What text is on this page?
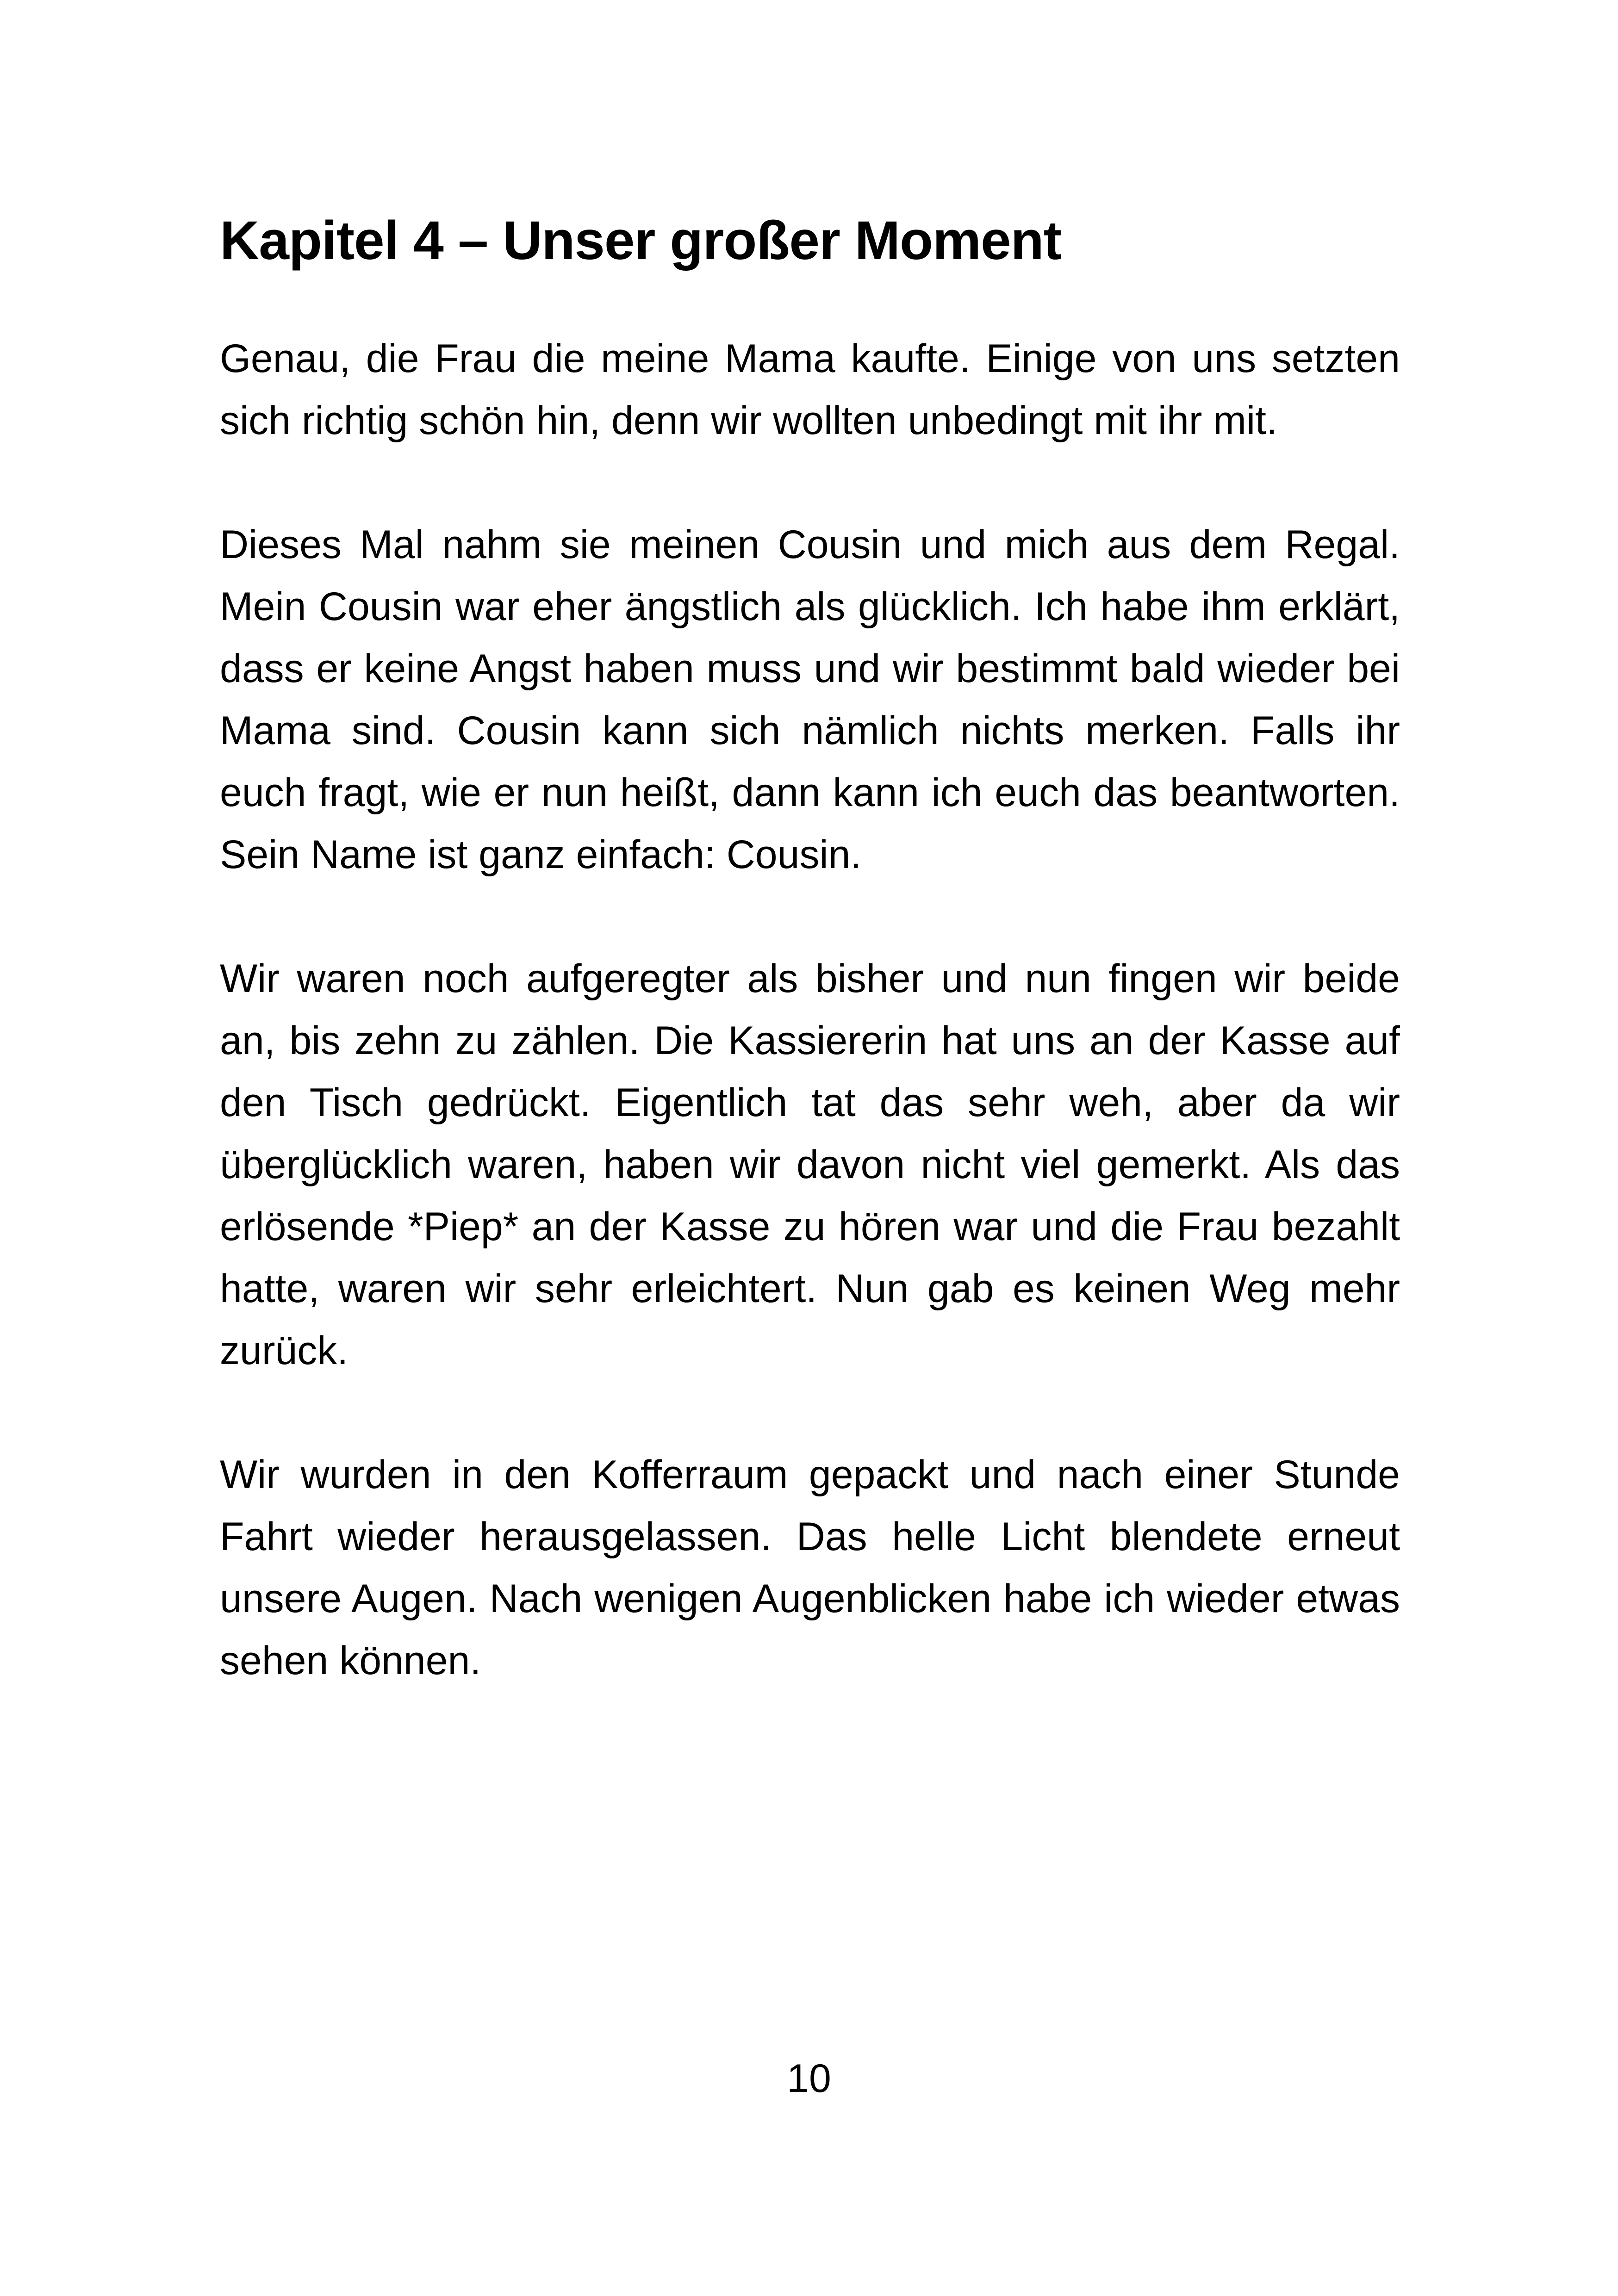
Kapitel 4 – Unser großer Moment

Genau, die Frau die meine Mama kaufte. Einige von uns setzten sich richtig schön hin, denn wir wollten unbedingt mit ihr mit.

Dieses Mal nahm sie meinen Cousin und mich aus dem Regal. Mein Cousin war eher ängstlich als glücklich. Ich habe ihm erklärt, dass er keine Angst haben muss und wir bestimmt bald wieder bei Mama sind. Cousin kann sich nämlich nichts merken. Falls ihr euch fragt, wie er nun heißt, dann kann ich euch das beantworten. Sein Name ist ganz einfach: Cousin.

Wir waren noch aufgeregter als bisher und nun fingen wir beide an, bis zehn zu zählen. Die Kassiererin hat uns an der Kasse auf den Tisch gedrückt. Eigentlich tat das sehr weh, aber da wir überglücklich waren, haben wir davon nicht viel gemerkt. Als das erlösende *Piep* an der Kasse zu hören war und die Frau bezahlt hatte, waren wir sehr erleichtert. Nun gab es keinen Weg mehr zurück.

Wir wurden in den Kofferraum gepackt und nach einer Stunde Fahrt wieder herausgelassen. Das helle Licht blendete erneut unsere Augen. Nach wenigen Augenblicken habe ich wieder etwas sehen können.

10
